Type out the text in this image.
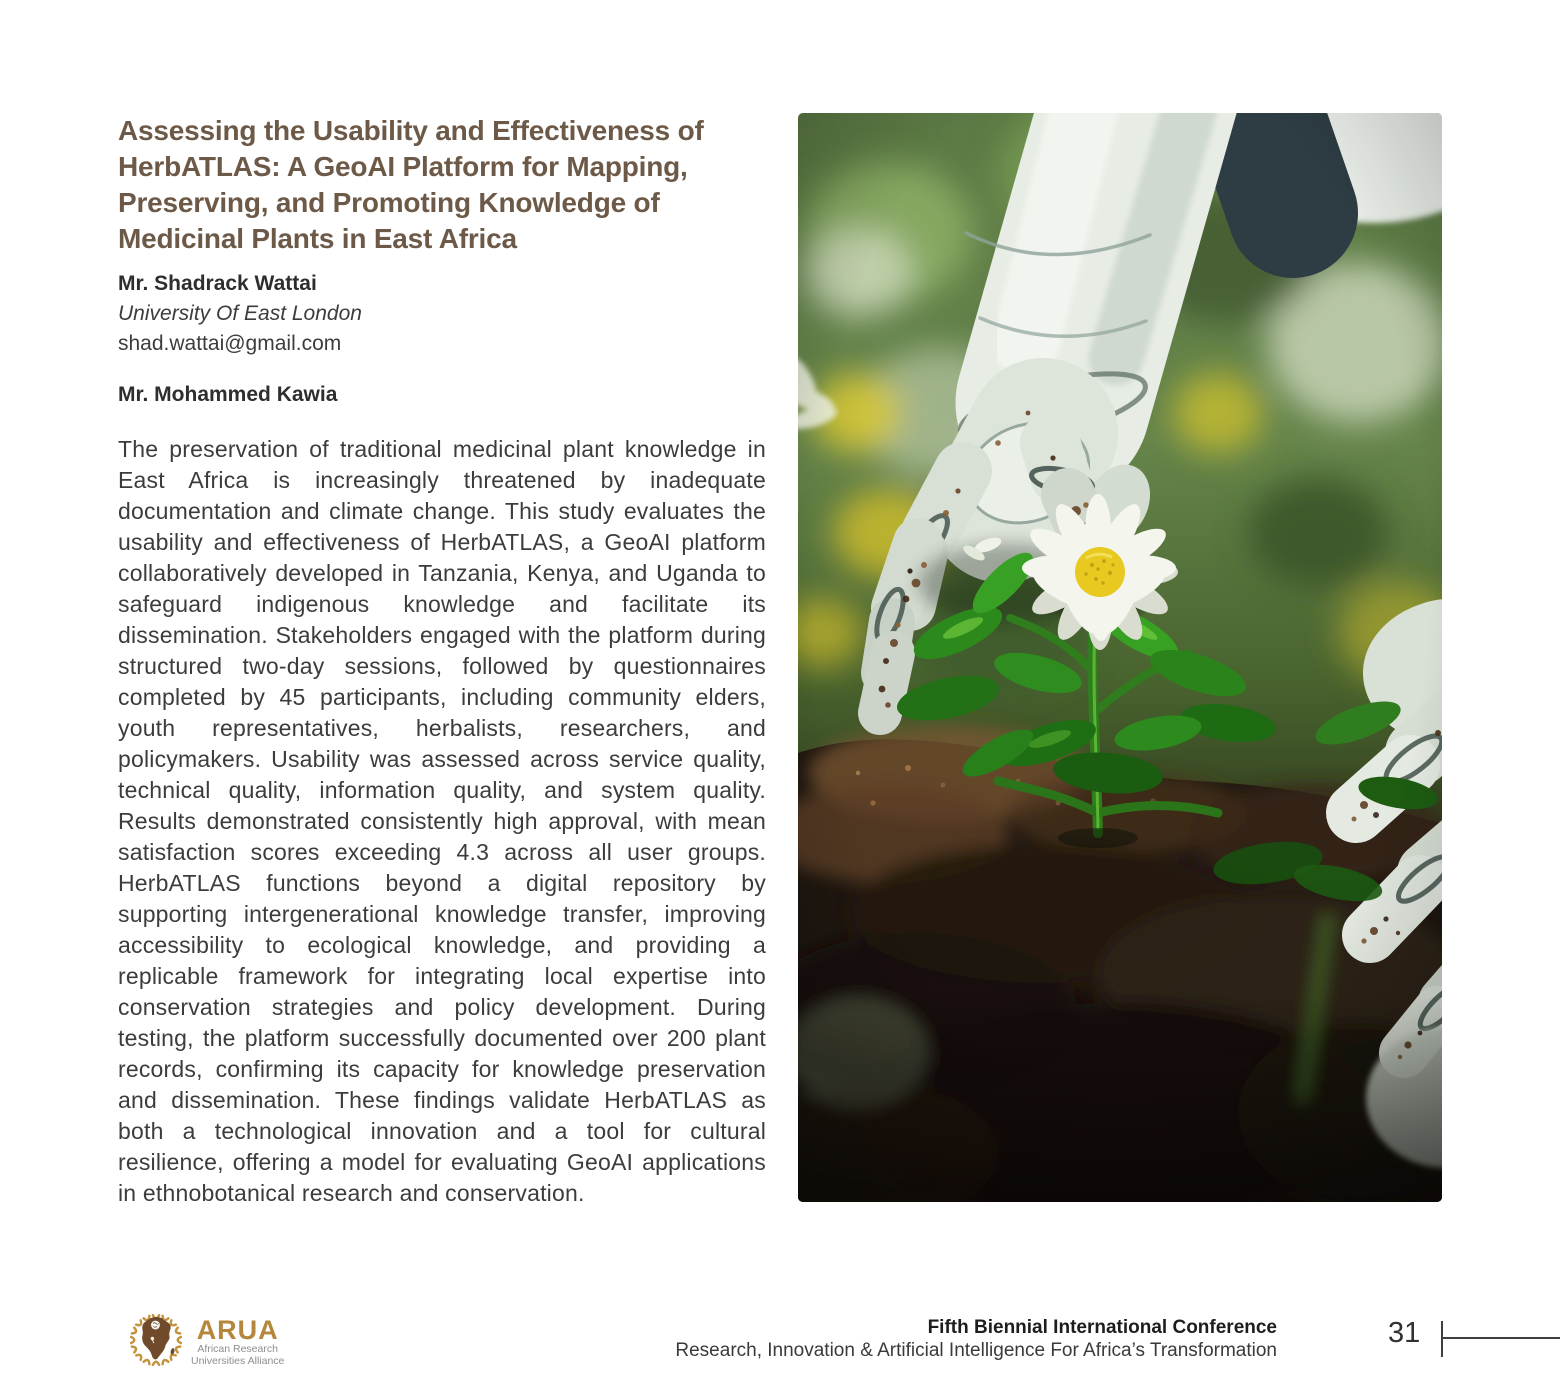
Assessing the Usability and Effectiveness of
HerbATLAS: A GeoAI Platform for Mapping,
Preserving, and Promoting Knowledge of
Medicinal Plants in East Africa
Mr. Shadrack Wattai
University Of East London
shad.wattai@gmail.com
Mr. Mohammed Kawia

The preservation of traditional medicinal plant knowledge in East Africa is increasingly threatened by inadequate documentation and climate change. This study evaluates the usability and effectiveness of HerbATLAS, a GeoAI platform collaboratively developed in Tanzania, Kenya, and Uganda to safeguard indigenous knowledge and facilitate its dissemination. Stakeholders engaged with the platform during structured two-day sessions, followed by questionnaires completed by 45 participants, including community elders, youth representatives, herbalists, researchers, and policymakers. Usability was assessed across service quality, technical quality, information quality, and system quality. Results demonstrated consistently high approval, with mean satisfaction scores exceeding 4.3 across all user groups. HerbATLAS functions beyond a digital repository by supporting intergenerational knowledge transfer, improving accessibility to ecological knowledge, and providing a replicable framework for integrating local expertise into conservation strategies and policy development. During testing, the platform successfully documented over 200 plant records, confirming its capacity for knowledge preservation and dissemination. These findings validate HerbATLAS as both a technological innovation and a tool for cultural resilience, offering a model for evaluating GeoAI applications in ethnobotanical research and conservation.

ARUA
African Research
Universities Alliance
Fifth Biennial International Conference
Research, Innovation & Artificial Intelligence For Africa’s Transformation
31
